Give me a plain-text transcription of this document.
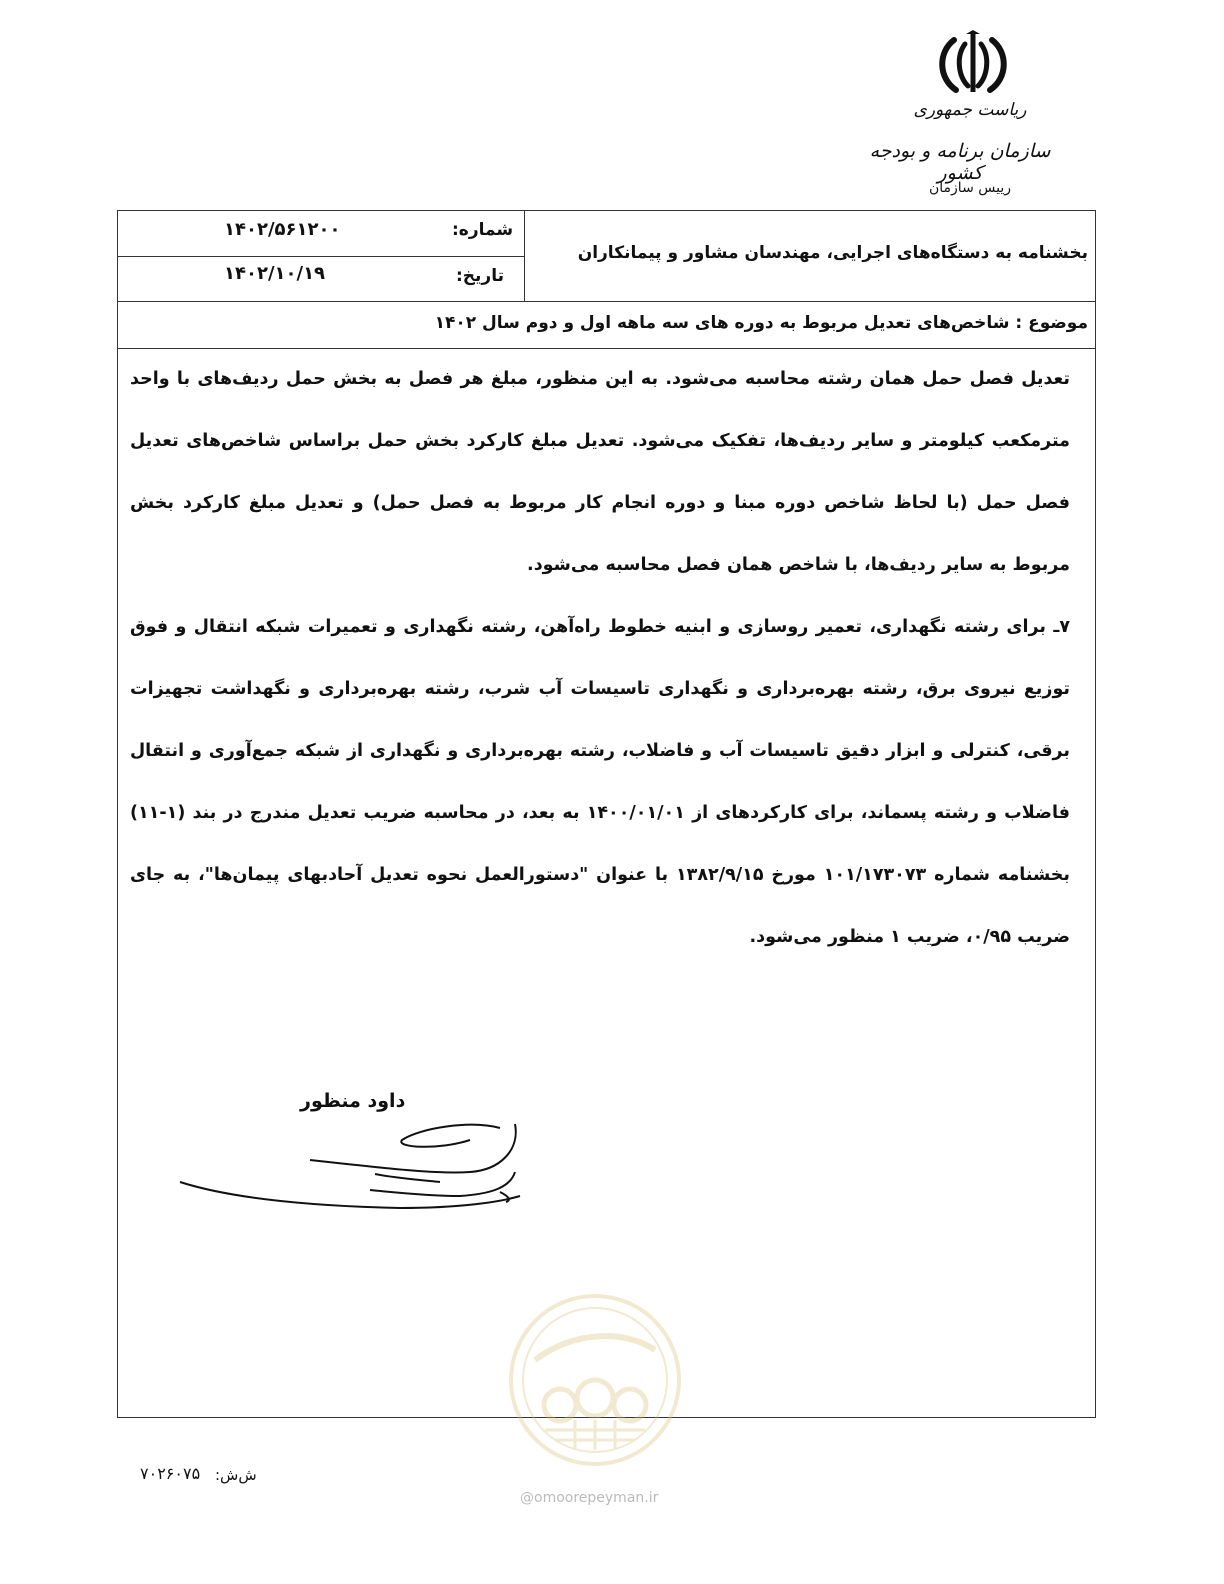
ریاست جمهوری
سازمان برنامه و بودجه کشور
رییس سازمان
شماره:
۱۴۰۲/۵۶۱۲۰۰
تاریخ:
۱۴۰۲/۱۰/۱۹
بخشنامه به دستگاه‌های اجرایی، مهندسان مشاور و پیمانکاران
موضوع : شاخص‌های تعدیل مربوط به دوره های سه ماهه اول و دوم سال ۱۴۰۲

تعدیل فصل حمل همان رشته محاسبه می‌شود. به این منظور، مبلغ هر فصل به بخش حمل ردیف‌های با واحد مترمکعب کیلومتر و سایر ردیف‌ها، تفکیک می‌شود. تعدیل مبلغ کارکرد بخش حمل براساس شاخص‌های تعدیل فصل حمل (با لحاظ شاخص دوره مبنا و دوره انجام کار مربوط به فصل حمل) و تعدیل مبلغ کارکرد بخش مربوط به سایر ردیف‌ها، با شاخص همان فصل محاسبه می‌شود.

۷ـ برای رشته نگهداری، تعمیر روسازی و ابنیه خطوط راه‌آهن، رشته نگهداری و تعمیرات شبکه انتقال و فوق توزیع نیروی برق، رشته بهره‌برداری و نگهداری تاسیسات آب شرب، رشته بهره‌برداری و نگهداشت تجهیزات برقی، کنترلی و ابزار دقیق تاسیسات آب و فاضلاب، رشته بهره‌برداری و نگهداری از شبکه جمع‌آوری و انتقال فاضلاب و رشته پسماند، برای کارکردهای از ۱۴۰۰/۰۱/۰۱ به بعد، در محاسبه ضریب تعدیل مندرج در بند (۱-۱۱) بخشنامه شماره ۱۰۱/۱۷۳۰۷۳ مورخ ۱۳۸۲/۹/۱۵ با عنوان "دستورالعمل نحوه تعدیل آحادبهای پیمان‌ها"، به جای ضریب ۰/۹۵، ضریب ۱ منظور می‌شود.

داود منظور
@omoorepeyman.ir
ش‌ش:
۷۰۲۶۰۷۵
